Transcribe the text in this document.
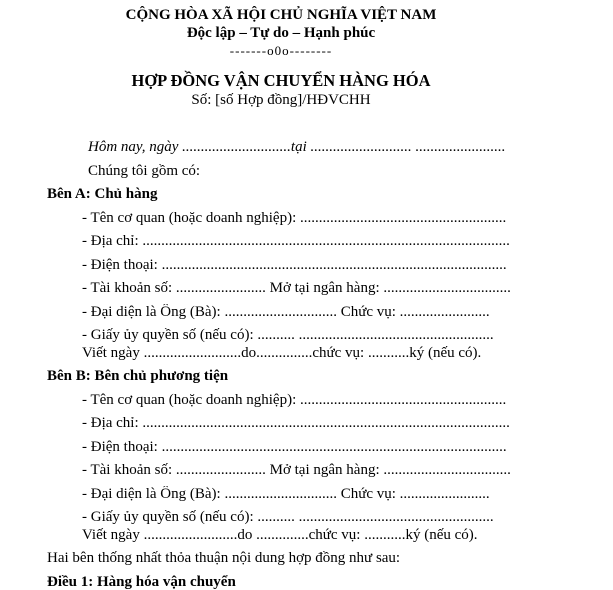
CỘNG HÒA XÃ HỘI CHỦ NGHĨA VIỆT NAM

Độc lập – Tự do – Hạnh phúc

-------o0o--------

HỢP ĐỒNG VẬN CHUYỂN HÀNG HÓA

Số: [số Hợp đồng]/HĐVCHH

Hôm nay, ngày .............................tại ........................... ........................

Chúng tôi gồm có:

Bên A: Chủ hàng

- Tên cơ quan (hoặc doanh nghiệp): .......................................................

- Địa chỉ: ..................................................................................................

- Điện thoại: ............................................................................................

- Tài khoản số: ........................ Mở tại ngân hàng: ..................................

- Đại diện là Ông (Bà): .............................. Chức vụ: ........................

- Giấy ủy quyền số (nếu có): .......... ....................................................
Viết ngày ..........................do...............chức vụ: ...........ký (nếu có).

Bên B: Bên chủ phương tiện

- Tên cơ quan (hoặc doanh nghiệp): .......................................................

- Địa chỉ: ..................................................................................................

- Điện thoại: ............................................................................................

- Tài khoản số: ........................ Mở tại ngân hàng: ..................................

- Đại diện là Ông (Bà): .............................. Chức vụ: ........................

- Giấy ủy quyền số (nếu có): .......... ....................................................
Viết ngày .........................do ..............chức vụ: ...........ký (nếu có).

Hai bên thống nhất thỏa thuận nội dung hợp đồng như sau:

Điều 1: Hàng hóa vận chuyển
